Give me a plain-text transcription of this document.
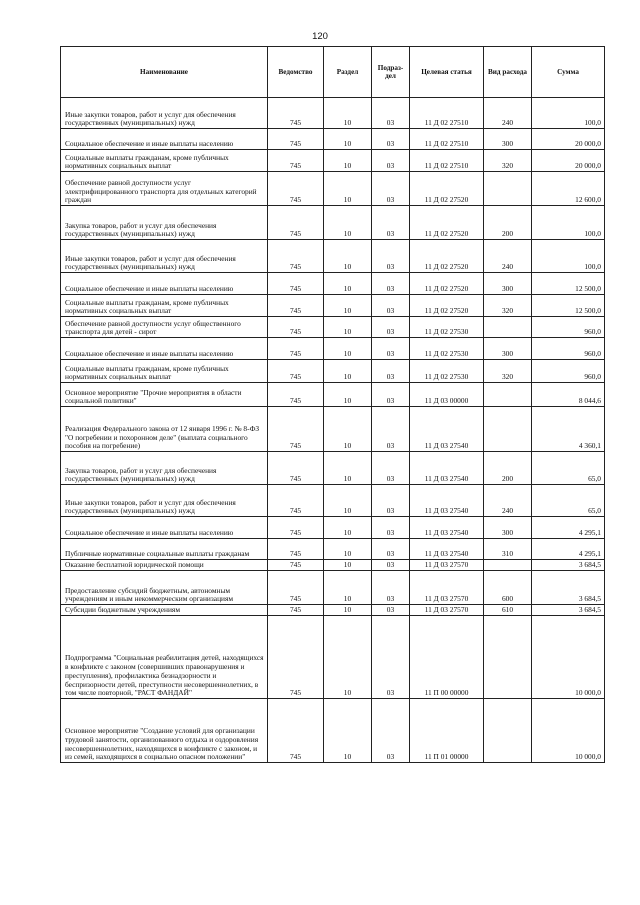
120
Наименование	Ведомство	Раздел	Подраз-дел	Целевая статья	Вид расхода	Сумма
Иные закупки товаров, работ и услуг для обеспечения государственных (муниципальных) нужд	745	10	03	11 Д 02 27510	240	100,0
Социальное обеспечение и иные выплаты населению	745	10	03	11 Д 02 27510	300	20 000,0
Социальные выплаты гражданам, кроме публичных нормативных социальных выплат	745	10	03	11 Д 02 27510	320	20 000,0
Обеспечение равной доступности услуг электрифицированного транспорта для отдельных категорий граждан	745	10	03	11 Д 02 27520		12 600,0
Закупка товаров, работ и услуг для обеспечения государственных (муниципальных) нужд	745	10	03	11 Д 02 27520	200	100,0
Иные закупки товаров, работ и услуг для обеспечения государственных (муниципальных) нужд	745	10	03	11 Д 02 27520	240	100,0
Социальное обеспечение и иные выплаты населению	745	10	03	11 Д 02 27520	300	12 500,0
Социальные выплаты гражданам, кроме публичных нормативных социальных выплат	745	10	03	11 Д 02 27520	320	12 500,0
Обеспечение равной доступности услуг общественного транспорта для детей - сирот	745	10	03	11 Д 02 27530		960,0
Социальное обеспечение и иные выплаты населению	745	10	03	11 Д 02 27530	300	960,0
Социальные выплаты гражданам, кроме публичных нормативных социальных выплат	745	10	03	11 Д 02 27530	320	960,0
Основное мероприятие "Прочие мероприятия в области социальной политики"	745	10	03	11 Д 03 00000		8 044,6
Реализация Федерального закона от 12 января 1996 г. № 8-ФЗ "О погребении и похоронном деле" (выплата социального пособия на погребение)	745	10	03	11 Д 03 27540		4 360,1
Закупка товаров, работ и услуг для обеспечения государственных (муниципальных) нужд	745	10	03	11 Д 03 27540	200	65,0
Иные закупки товаров, работ и услуг для обеспечения государственных (муниципальных) нужд	745	10	03	11 Д 03 27540	240	65,0
Социальное обеспечение и иные выплаты населению	745	10	03	11 Д 03 27540	300	4 295,1
Публичные нормативные социальные выплаты гражданам	745	10	03	11 Д 03 27540	310	4 295,1
Оказание бесплатной юридической помощи	745	10	03	11 Д 03 27570		3 684,5
Предоставление субсидий бюджетным, автономным учреждениям и иным некоммерческим организациям	745	10	03	11 Д 03 27570	600	3 684,5
Субсидии бюджетным учреждениям	745	10	03	11 Д 03 27570	610	3 684,5
Подпрограмма "Социальная реабилитация детей, находящихся в конфликте с законом (совершивших правонарушения и преступления), профилактика безнадзорности и беспризорности детей, преступности несовершеннолетних, в том числе повторной, "РАСТ ФАНДАЙ"	745	10	03	11 П 00 00000		10 000,0
Основное мероприятие "Создание условий для организации трудовой занятости, организованного отдыха и оздоровления несовершеннолетних, находящихся в конфликте с законом, и из семей, находящихся в социально опасном положении"	745	10	03	11 П 01 00000		10 000,0
